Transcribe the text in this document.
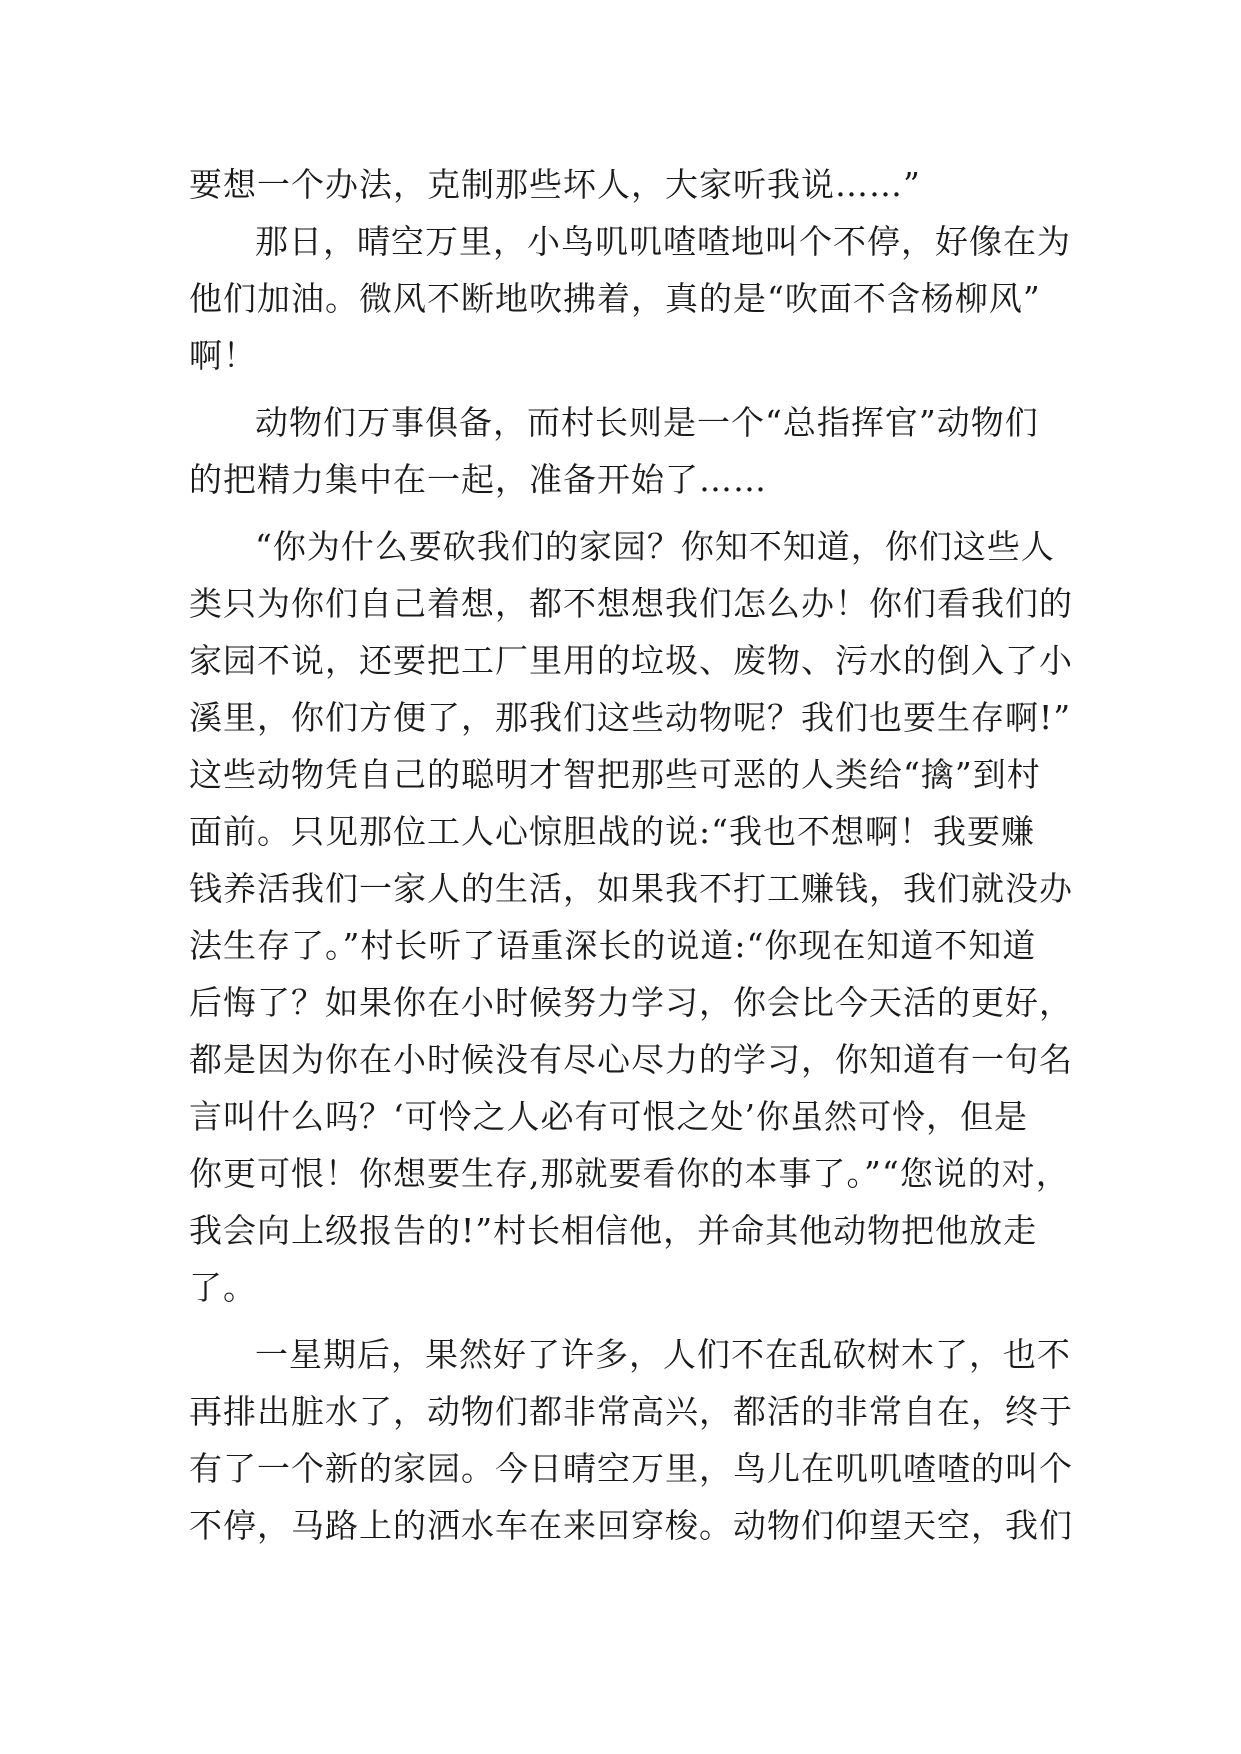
要想一个办法，克制那些坏人，大家听我说……”
那日，晴空万里，小鸟叽叽喳喳地叫个不停，好像在为
他们加油。微风不断地吹拂着，真的是“吹面不含杨柳风”
啊！
动物们万事俱备，而村长则是一个“总指挥官”动物们
的把精力集中在一起，准备开始了……
“你为什么要砍我们的家园？你知不知道，你们这些人
类只为你们自己着想，都不想想我们怎么办！你们看我们的
家园不说，还要把工厂里用的垃圾、废物、污水的倒入了小
溪里，你们方便了，那我们这些动物呢？我们也要生存啊!”
这些动物凭自己的聪明才智把那些可恶的人类给“擒”到村
面前。只见那位工人心惊胆战的说:“我也不想啊！我要赚
钱养活我们一家人的生活，如果我不打工赚钱，我们就没办
法生存了。”村长听了语重深长的说道:“你现在知道不知道
后悔了？如果你在小时候努力学习，你会比今天活的更好，
都是因为你在小时候没有尽心尽力的学习，你知道有一句名
言叫什么吗？‘可怜之人必有可恨之处’你虽然可怜，但是
你更可恨！你想要生存,那就要看你的本事了。”“您说的对，
我会向上级报告的!”村长相信他，并命其他动物把他放走
了。
一星期后，果然好了许多，人们不在乱砍树木了，也不
再排出脏水了，动物们都非常高兴，都活的非常自在，终于
有了一个新的家园。今日晴空万里，鸟儿在叽叽喳喳的叫个
不停，马路上的洒水车在来回穿梭。动物们仰望天空，我们
